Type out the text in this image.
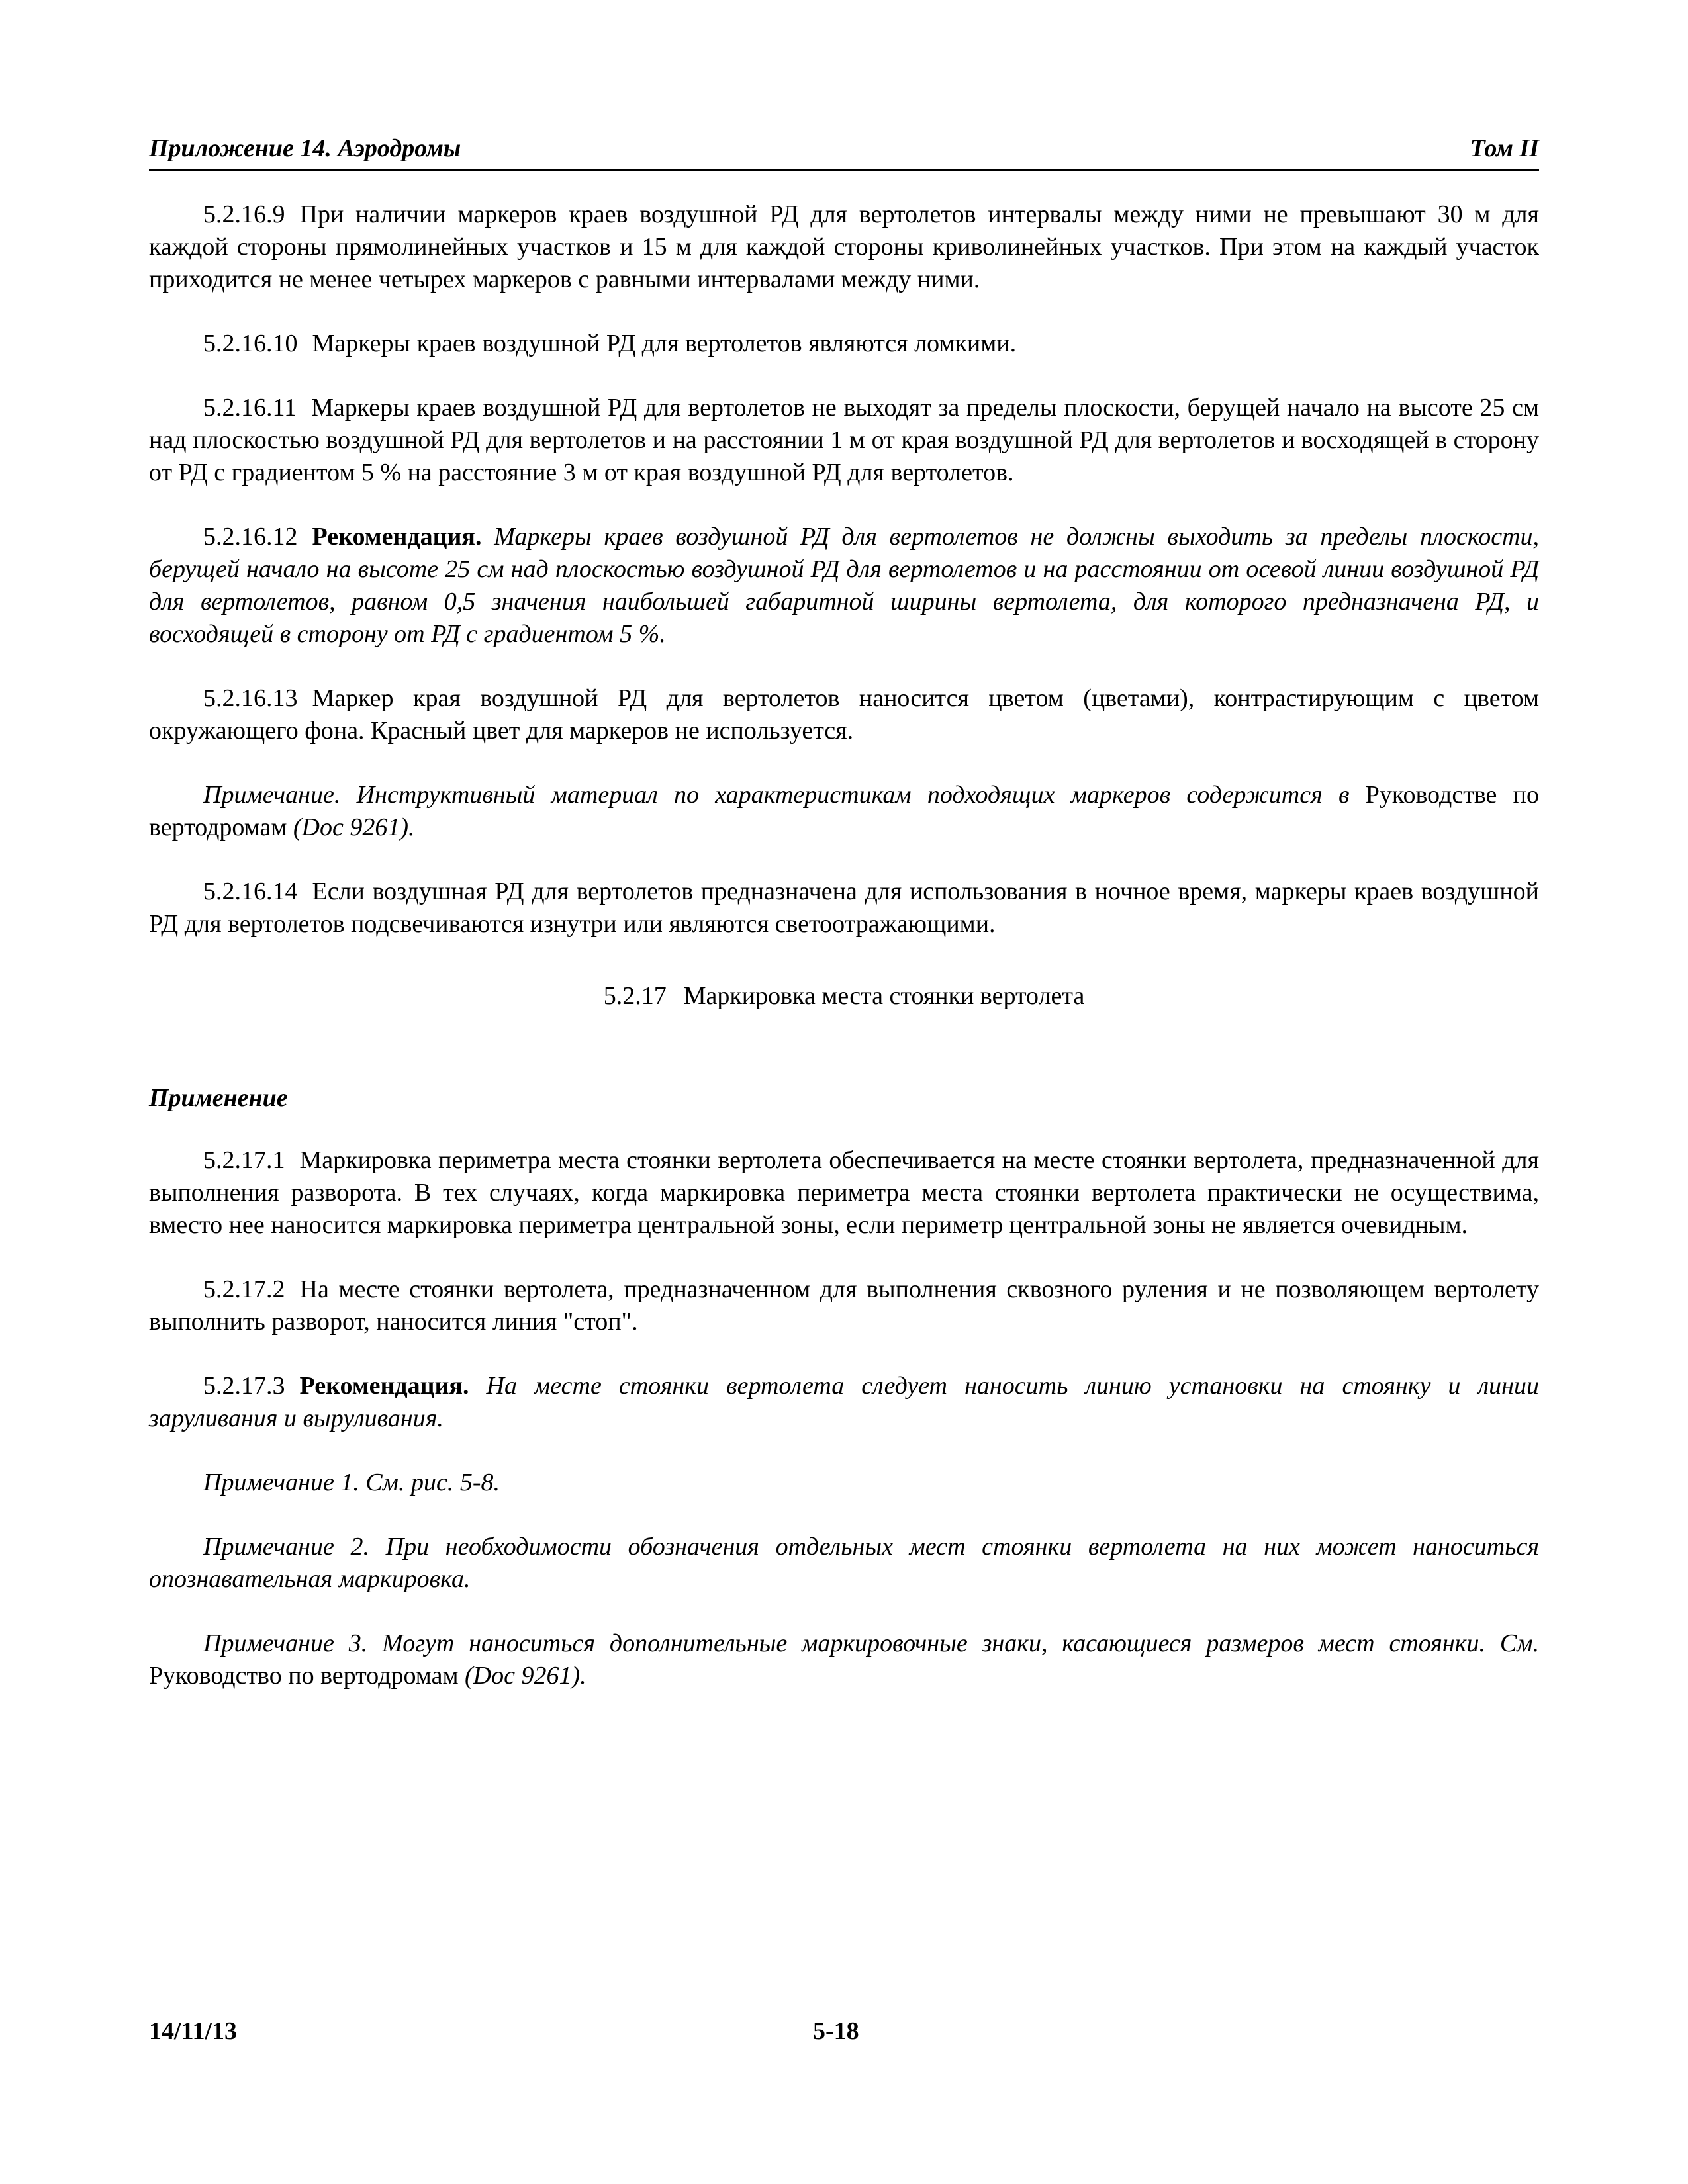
Приложение 14. Аэродромы	Том II

5.2.16.9 При наличии маркеров краев воздушной РД для вертолетов интервалы между ними не превышают 30 м для каждой стороны прямолинейных участков и 15 м для каждой стороны криволинейных участков. При этом на каждый участок приходится не менее четырех маркеров с равными интервалами между ними.

5.2.16.10 Маркеры краев воздушной РД для вертолетов являются ломкими.

5.2.16.11 Маркеры краев воздушной РД для вертолетов не выходят за пределы плоскости, берущей начало на высоте 25 см над плоскостью воздушной РД для вертолетов и на расстоянии 1 м от края воздушной РД для вертолетов и восходящей в сторону от РД с градиентом 5 % на расстояние 3 м от края воздушной РД для вертолетов.

5.2.16.12 Рекомендация. Маркеры краев воздушной РД для вертолетов не должны выходить за пределы плоскости, берущей начало на высоте 25 см над плоскостью воздушной РД для вертолетов и на расстоянии от осевой линии воздушной РД для вертолетов, равном 0,5 значения наибольшей габаритной ширины вертолета, для которого предназначена РД, и восходящей в сторону от РД с градиентом 5 %.

5.2.16.13 Маркер края воздушной РД для вертолетов наносится цветом (цветами), контрастирующим с цветом окружающего фона. Красный цвет для маркеров не используется.

Примечание. Инструктивный материал по характеристикам подходящих маркеров содержится в Руководстве по вертодромам (Doc 9261).

5.2.16.14 Если воздушная РД для вертолетов предназначена для использования в ночное время, маркеры краев воздушной РД для вертолетов подсвечиваются изнутри или являются светоотражающими.

5.2.17 Маркировка места стоянки вертолета
Применение

5.2.17.1 Маркировка периметра места стоянки вертолета обеспечивается на месте стоянки вертолета, предназначенной для выполнения разворота. В тех случаях, когда маркировка периметра места стоянки вертолета практически не осуществима, вместо нее наносится маркировка периметра центральной зоны, если периметр центральной зоны не является очевидным.

5.2.17.2 На месте стоянки вертолета, предназначенном для выполнения сквозного руления и не позволяющем вертолету выполнить разворот, наносится линия "стоп".

5.2.17.3 Рекомендация. На месте стоянки вертолета следует наносить линию установки на стоянку и линии заруливания и выруливания.

Примечание 1. См. рис. 5-8.

Примечание 2. При необходимости обозначения отдельных мест стоянки вертолета на них может наноситься опознавательная маркировка.

Примечание 3. Могут наноситься дополнительные маркировочные знаки, касающиеся размеров мест стоянки. См. Руководство по вертодромам (Doc 9261).

14/11/13	5-18
